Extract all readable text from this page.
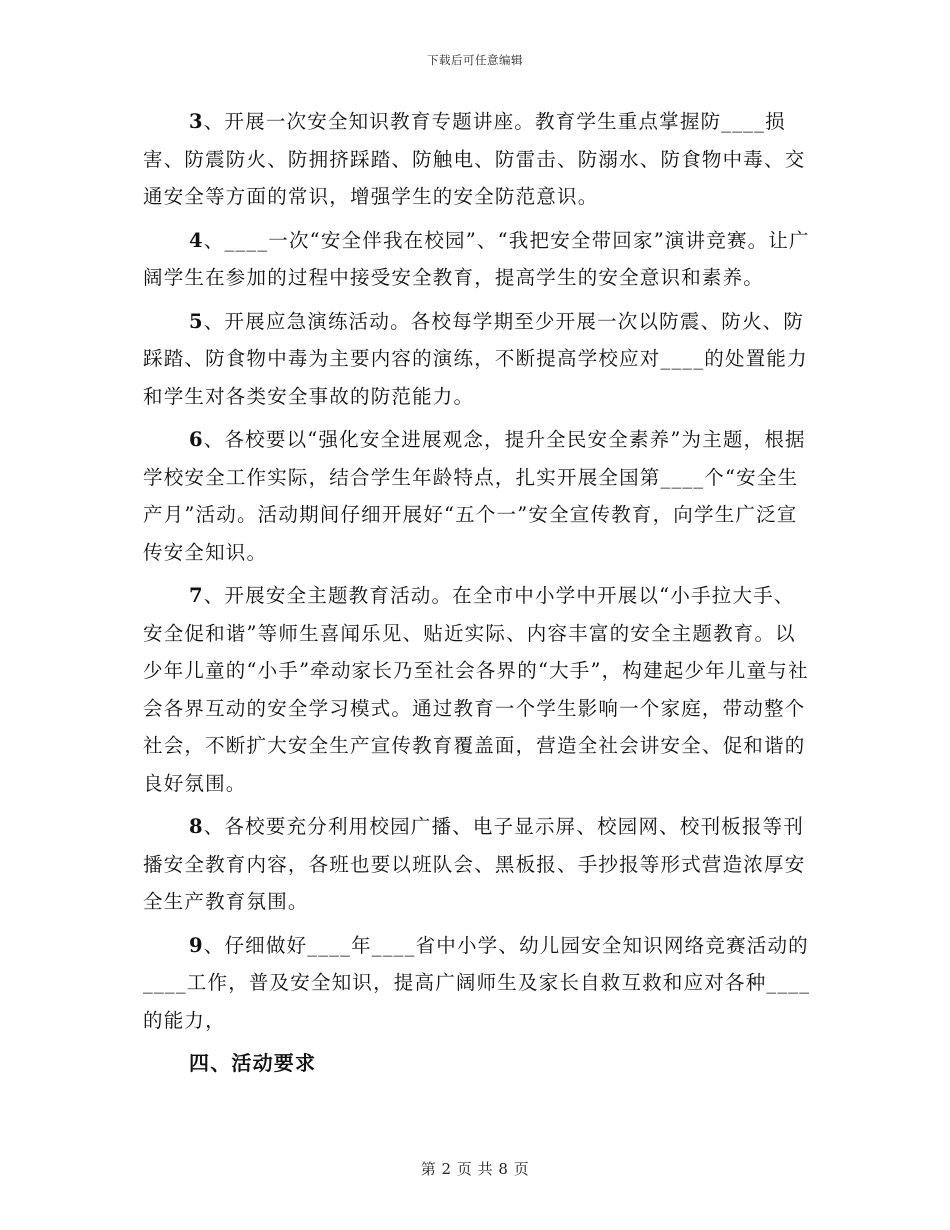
下载后可任意编辑

3、开展一次安全知识教育专题讲座。教育学生重点掌握防____损害、防震防火、防拥挤踩踏、防触电、防雷击、防溺水、防食物中毒、交通安全等方面的常识，增强学生的安全防范意识。

4、____一次“安全伴我在校园”、“我把安全带回家”演讲竞赛。让广阔学生在参加的过程中接受安全教育，提高学生的安全意识和素养。

5、开展应急演练活动。各校每学期至少开展一次以防震、防火、防踩踏、防食物中毒为主要内容的演练，不断提高学校应对____的处置能力和学生对各类安全事故的防范能力。

6、各校要以“强化安全进展观念，提升全民安全素养”为主题，根据学校安全工作实际，结合学生年龄特点，扎实开展全国第____个“安全生产月”活动。活动期间仔细开展好“五个一”安全宣传教育，向学生广泛宣传安全知识。

7、开展安全主题教育活动。在全市中小学中开展以“小手拉大手、安全促和谐”等师生喜闻乐见、贴近实际、内容丰富的安全主题教育。以少年儿童的“小手”牵动家长乃至社会各界的“大手”，构建起少年儿童与社会各界互动的安全学习模式。通过教育一个学生影响一个家庭，带动整个社会，不断扩大安全生产宣传教育覆盖面，营造全社会讲安全、促和谐的良好氛围。

8、各校要充分利用校园广播、电子显示屏、校园网、校刊板报等刊播安全教育内容，各班也要以班队会、黑板报、手抄报等形式营造浓厚安全生产教育氛围。

9、仔细做好____年____省中小学、幼儿园安全知识网络竞赛活动的____工作，普及安全知识，提高广阔师生及家长自救互救和应对各种____的能力，

四、活动要求
第 2 页 共 8 页
